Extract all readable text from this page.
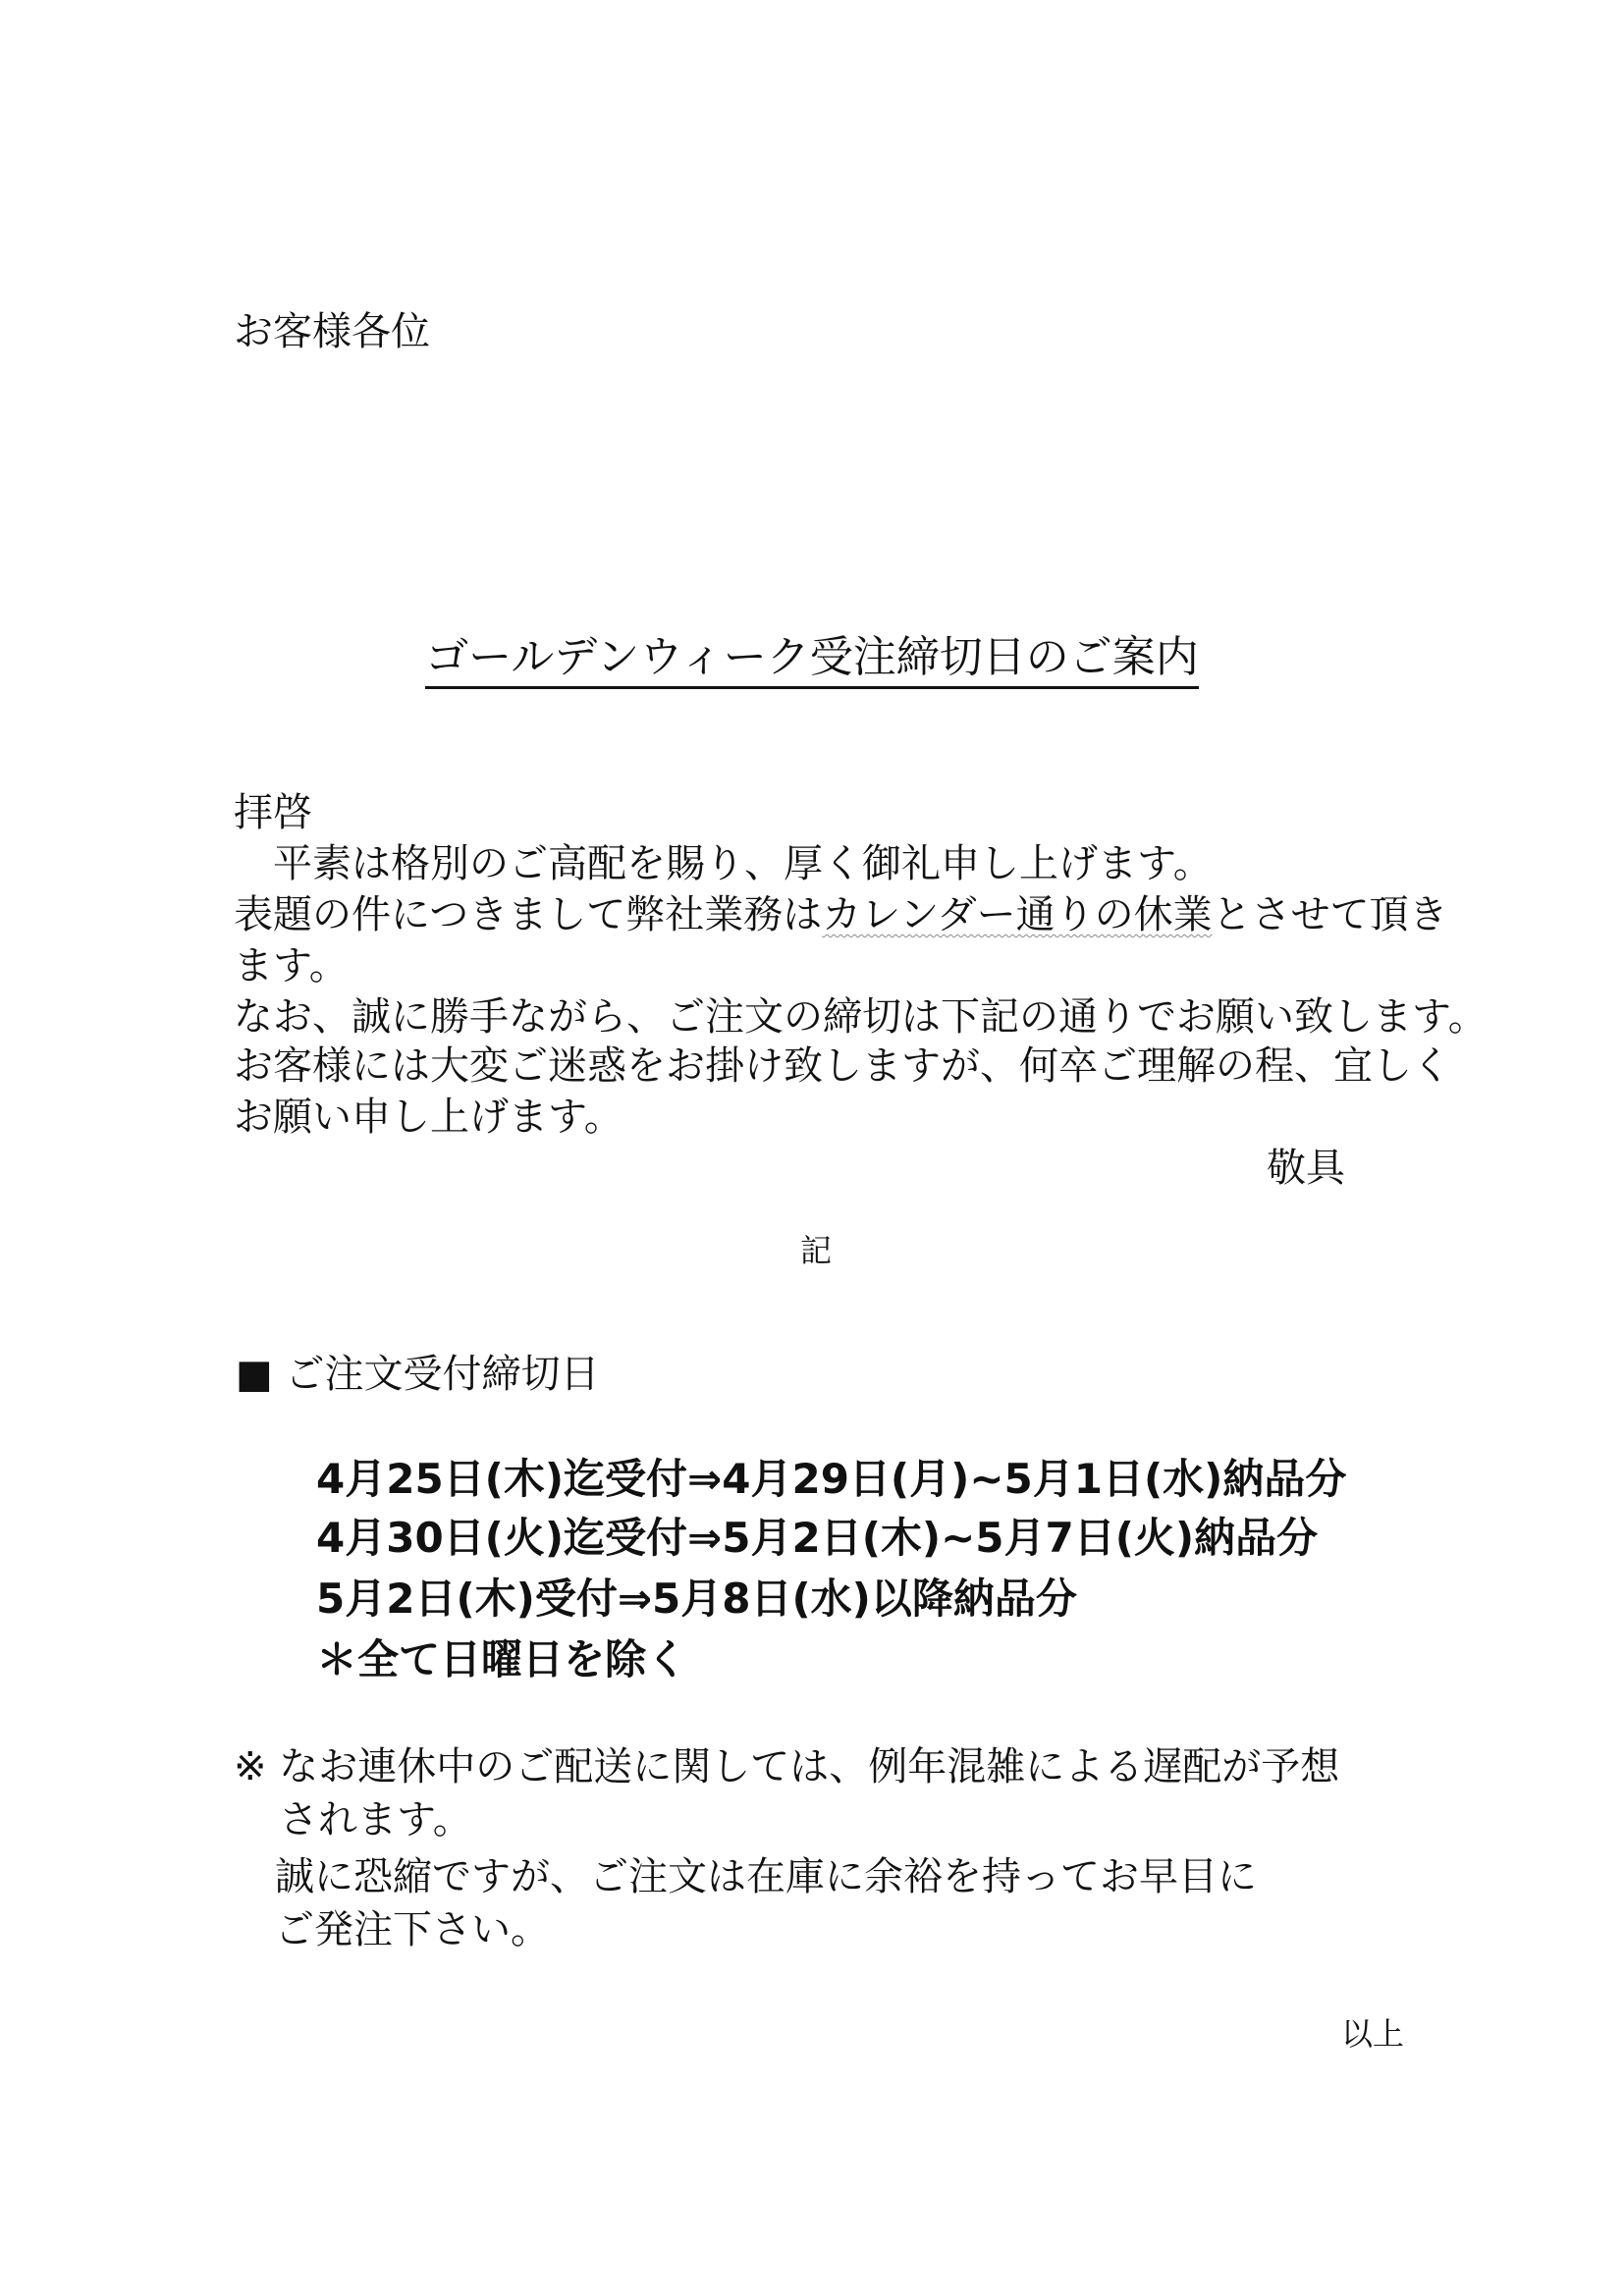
お客様各位

ゴールデンウィーク受注締切日のご案内

拝啓

平素は格別のご高配を賜り、厚く御礼申し上げます。

表題の件につきまして弊社業務はカレンダー通りの休業とさせて頂き

ます。

なお、誠に勝手ながら、ご注文の締切は下記の通りでお願い致します。

お客様には大変ご迷惑をお掛け致しますが、何卒ご理解の程、宜しく

お願い申し上げます。

敬具

記

■ ご注文受付締切日

4月25日(木)迄受付⇒4月29日(月)~5月1日(水)納品分

4月30日(火)迄受付⇒5月2日(木)~5月7日(火)納品分

5月2日(木)受付⇒5月8日(水)以降納品分

＊全て日曜日を除く

※ なお連休中のご配送に関しては、例年混雑による遅配が予想

されます。

誠に恐縮ですが、ご注文は在庫に余裕を持ってお早目に

ご発注下さい。

以上
